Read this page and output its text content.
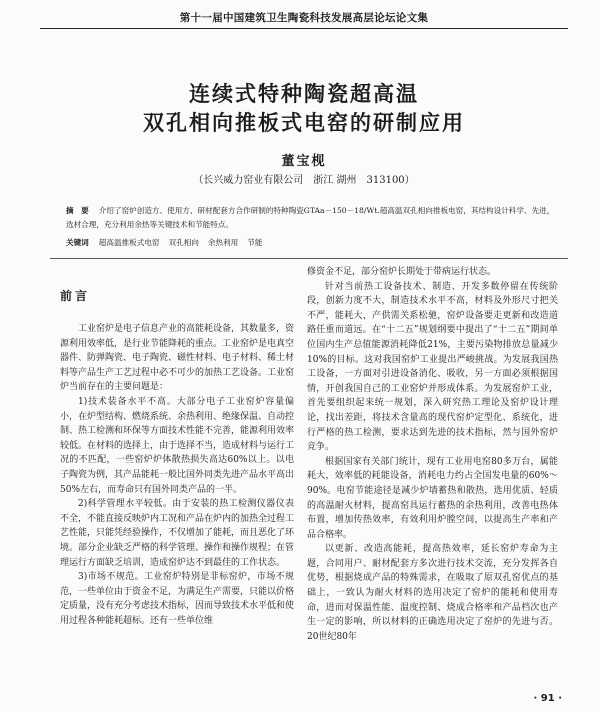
第十一届中国建筑卫生陶瓷科技发展高层论坛论文集
连续式特种陶瓷超高温
双孔相向推板式电窑的研制应用
董宝枧
（长兴威力窑业有限公司　浙江 湖州　313100）
摘　要 介绍了窑炉创造方、使用方、研材配套方合作研制的特种陶瓷GTAa－150－18/Wt.超高温双孔相向推板电窑，其结构设计科学、先进，选材合理，充分利用余热等关键技术和节能特点。
关键词 超高温推板式电窑 双孔相向 余热利用 节能
前言

工业窑炉是电子信息产业的高能耗设备，其数量多，资源利用效率低，是行业节能降耗的重点。工业窑炉是电真空器件、防弹陶瓷、电子陶瓷、磁性材料、电子材料、稀土材料等产品生产工艺过程中必不可少的加热工艺设备。工业窑炉当前存在的主要问题是：

1)技术装备水平不高。大部分电子工业窑炉容量偏小，在炉型结构、燃烧系统、余热利用、绝缘保温、自动控制、热工检测和环保等方面技术性能不完善，能源利用效率较低。在材料的选择上，由于选择不当，造成材料与运行工况的不匹配，一些窑炉炉体散热损失高达60%以上。以电子陶瓷为例，其产品能耗一般比国外同类先进产品水平高出50%左右，而寿命只有国外同类产品的一半。

2)科学管理水平较低。由于安装的热工检测仪器仪表不全，不能直接反映炉内工况和产品在炉内的加热全过程工艺性能，只能凭经验操作，不仅增加了能耗，而且恶化了环境。部分企业缺乏严格的科学管理、操作和操作规程；在管理运行方面缺乏培训，造成窑炉达不到最佳的工作状态。

3)市场不规范。工业窑炉特别是非标窑炉，市场不规范，一些单位由于资金不足，为满足生产需要，只能以价格定质量，没有充分考虑技术指标，因而导致技术水平低和使用过程各种能耗超标。还有一些单位维

修资金不足，部分窑炉长期处于带病运行状态。

针对当前热工设备技术、制造、开发多数停留在传统阶段，创新力度不大，制造技术水平不高，材料及外形尺寸把关不严，能耗大，产供需关系松驰，窑炉设备要走更新和改造道路任重而道远。在“十二五”规划纲要中提出了“十二五”期间单位国内生产总值能源消耗降低21%，主要污染物排放总量减少10%的目标。这对我国窑炉工业提出严峻挑战。为发展我国热工设备，一方面对引进设备消化、吸收，另一方面必须根据国情，开创我国自己的工业窑炉并形成体系。为发展窑炉工业，首先要组织起来统一规划，深入研究热工理论及窑炉设计理论，找出差距，将技术含量高的现代窑炉定型化、系统化，进行严格的热工检测，要求达到先进的技术指标，然与国外窑炉竞争。

根据国家有关部门统计，现有工业用电窑80多万台，属能耗大，效率低的耗能设备，消耗电力约占全国发电量的60%～90%。电窑节能途径是减少炉墙蓄热和散热，选用优质、轻质的高温耐火材料，提高窑具运行蓄热的余热利用，改善电热体布置，增加传热效率，有效利用炉膛空间，以提高生产率和产品合格率。

以更新、改造高能耗，提高热效率，延长窑炉寿命为主题，合同用户、耐材配套方多次进行技术交流，充分发挥各自优势，根据烧成产品的特殊需求，在吸取了原双孔窑优点的基础上，一致认为耐火材料的选用决定了窑炉的能耗和使用寿命，进而对保温性能、温度控制、烧成合格率和产品档次也产生一定的影响，所以材料的正确选用决定了窑炉的先进与否。20世纪80年

· 91 ·
